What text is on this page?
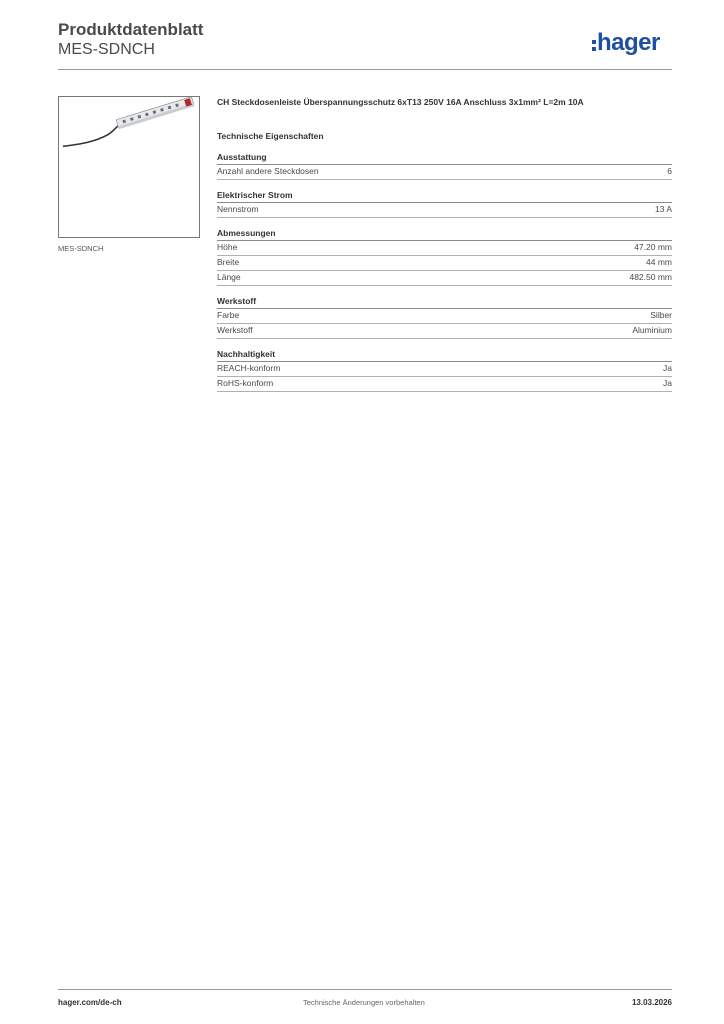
Produktdatenblatt
MES-SDNCH	hager
MES-SDNCH

CH Steckdosenleiste Überspannungsschutz 6xT13 250V 16A Anschluss 3x1mm² L=2m 10A

Technische Eigenschaften
Ausstattung
Anzahl andere Steckdosen	6
Elektrischer Strom
Nennstrom	13 A
Abmessungen
Höhe	47.20 mm
Breite	44 mm
Länge	482.50 mm
Werkstoff
Farbe	Silber
Werkstoff	Aluminium
Nachhaltigkeit
REACH-konform	Ja
RoHS-konform	Ja
hager.com/de-ch	Technische Änderungen vorbehalten	13.03.2026
